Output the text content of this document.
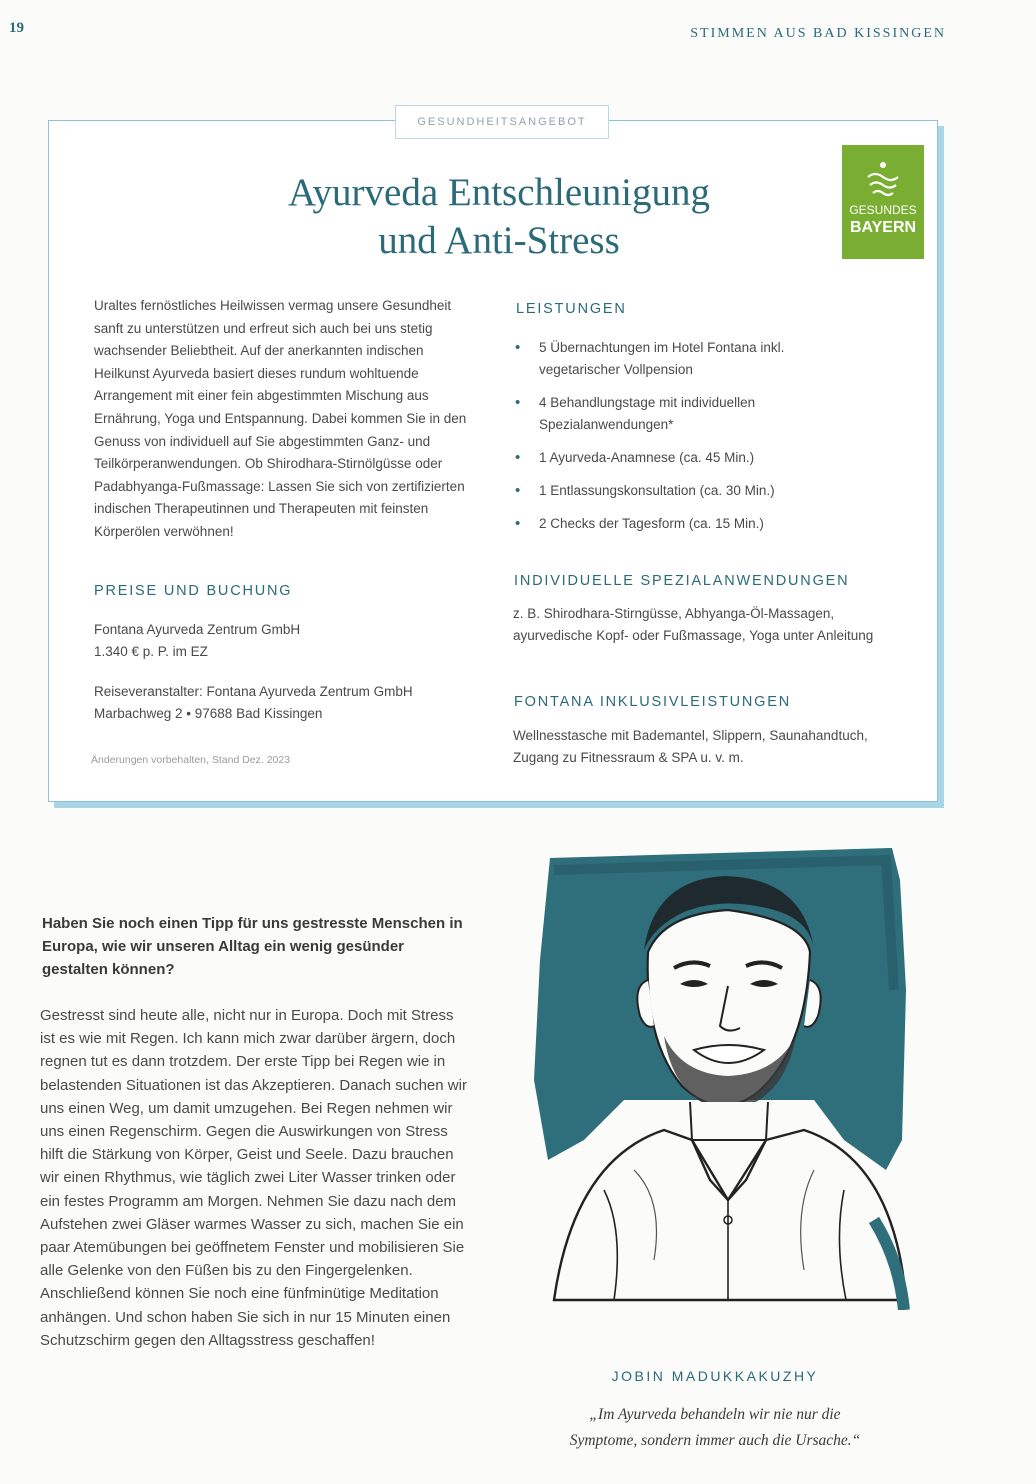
19	STIMMEN AUS BAD KISSINGEN
GESUNDHEITSANGEBOT
Ayurveda Entschleunigung
und Anti-Stress
GESUNDES
BAYERN

Uraltes fernöstliches Heilwissen vermag unsere Gesundheit sanft zu unterstützen und erfreut sich auch bei uns stetig wachsender Beliebtheit. Auf der anerkannten indischen Heilkunst Ayurveda basiert dieses rundum wohltuende Arrangement mit einer fein abgestimmten Mischung aus Ernährung, Yoga und Entspannung. Dabei kommen Sie in den Genuss von individuell auf Sie abgestimmten Ganz- und Teilkörperanwendungen. Ob Shirodhara-Stirnölgüsse oder Padabhyanga-Fußmassage: Lassen Sie sich von zertifizierten indischen Therapeutinnen und Therapeuten mit feinsten Körperölen verwöhnen!

PREISE UND BUCHUNG

Fontana Ayurveda Zentrum GmbH

1.340 € p. P. im EZ

Reiseveranstalter: Fontana Ayurveda Zentrum GmbH

Marbachweg 2 • 97688 Bad Kissingen

Änderungen vorbehalten, Stand Dez. 2023

LEISTUNGEN
• 5 Übernachtungen im Hotel Fontana inkl. vegetarischer Vollpension
• 4 Behandlungstage mit individuellen Spezialanwendungen*
• 1 Ayurveda-Anamnese (ca. 45 Min.)
• 1 Entlassungskonsultation (ca. 30 Min.)
• 2 Checks der Tagesform (ca. 15 Min.)
INDIVIDUELLE SPEZIALANWENDUNGEN

z. B. Shirodhara-Stirngüsse, Abhyanga-Öl-Massagen, ayurvedische Kopf- oder Fußmassage, Yoga unter Anleitung

FONTANA INKLUSIVLEISTUNGEN

Wellnesstasche mit Bademantel, Slippern, Saunahandtuch, Zugang zu Fitnessraum & SPA u. v. m.

Haben Sie noch einen Tipp für uns gestresste Menschen in Europa, wie wir unseren Alltag ein wenig gesünder gestalten können?

Gestresst sind heute alle, nicht nur in Europa. Doch mit Stress ist es wie mit Regen. Ich kann mich zwar darüber ärgern, doch regnen tut es dann trotzdem. Der erste Tipp bei Regen wie in belastenden Situationen ist das Akzeptieren. Danach suchen wir uns einen Weg, um damit umzugehen. Bei Regen nehmen wir uns einen Regenschirm. Gegen die Auswirkungen von Stress hilft die Stärkung von Körper, Geist und Seele. Dazu brauchen wir einen Rhythmus, wie täglich zwei Liter Wasser trinken oder ein festes Programm am Morgen. Nehmen Sie dazu nach dem Aufstehen zwei Gläser warmes Wasser zu sich, machen Sie ein paar Atemübungen bei geöffnetem Fenster und mobilisieren Sie alle Gelenke von den Füßen bis zu den Fingergelenken. Anschließend können Sie noch eine fünfminütige Meditation anhängen. Und schon haben Sie sich in nur 15 Minuten einen Schutzschirm gegen den Alltagsstress geschaffen!

JOBIN MADUKKAKUZHY

„Im Ayurveda behandeln wir nie nur die Symptome, sondern immer auch die Ursache.“
